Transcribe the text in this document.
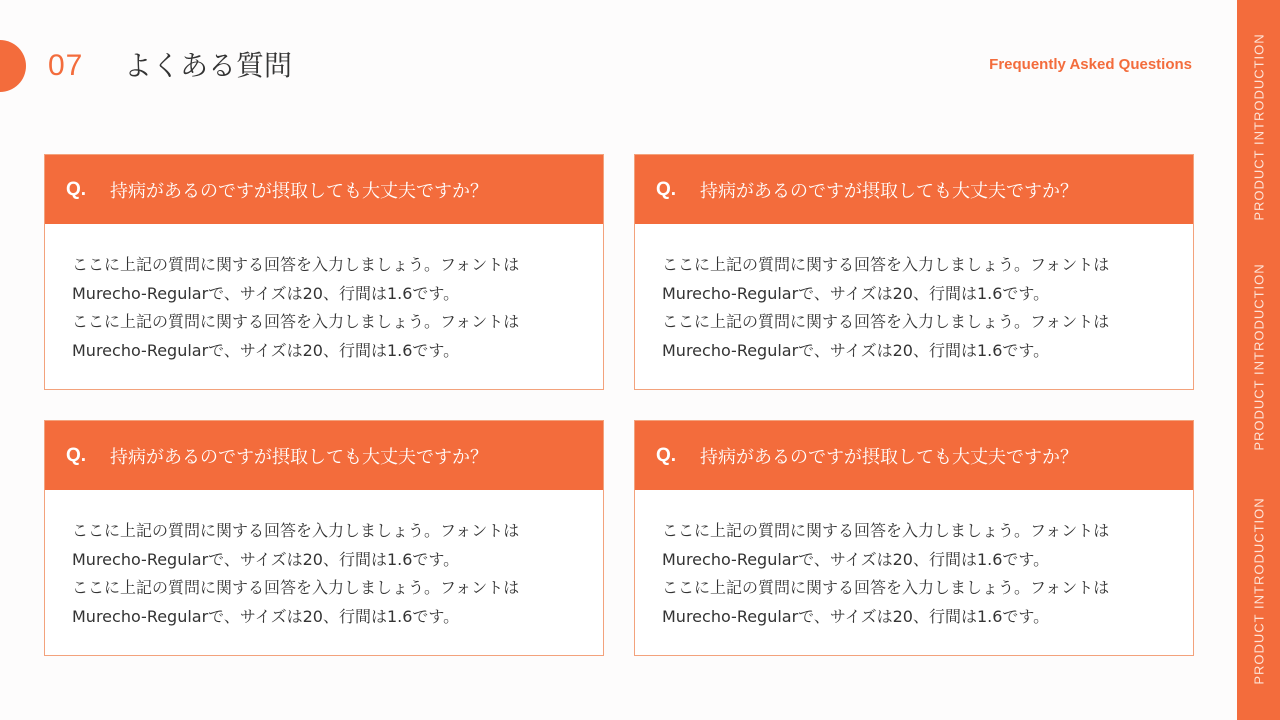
07 よくある質問	Frequently Asked Questions	PRODUCT INTRODUCTION
PRODUCT INTRODUCTION
PRODUCT INTRODUCTION
Q.	持病があるのですが摂取しても大丈夫ですか？
ここに上記の質問に関する回答を入力しましょう。フォントは
Murecho-Regularで、サイズは20、行間は1.6です。
ここに上記の質問に関する回答を入力しましょう。フォントは
Murecho-Regularで、サイズは20、行間は1.6です。
Q.	持病があるのですが摂取しても大丈夫ですか？
ここに上記の質問に関する回答を入力しましょう。フォントは
Murecho-Regularで、サイズは20、行間は1.6です。
ここに上記の質問に関する回答を入力しましょう。フォントは
Murecho-Regularで、サイズは20、行間は1.6です。
Q.	持病があるのですが摂取しても大丈夫ですか？
ここに上記の質問に関する回答を入力しましょう。フォントは
Murecho-Regularで、サイズは20、行間は1.6です。
ここに上記の質問に関する回答を入力しましょう。フォントは
Murecho-Regularで、サイズは20、行間は1.6です。
Q.	持病があるのですが摂取しても大丈夫ですか？
ここに上記の質問に関する回答を入力しましょう。フォントは
Murecho-Regularで、サイズは20、行間は1.6です。
ここに上記の質問に関する回答を入力しましょう。フォントは
Murecho-Regularで、サイズは20、行間は1.6です。
